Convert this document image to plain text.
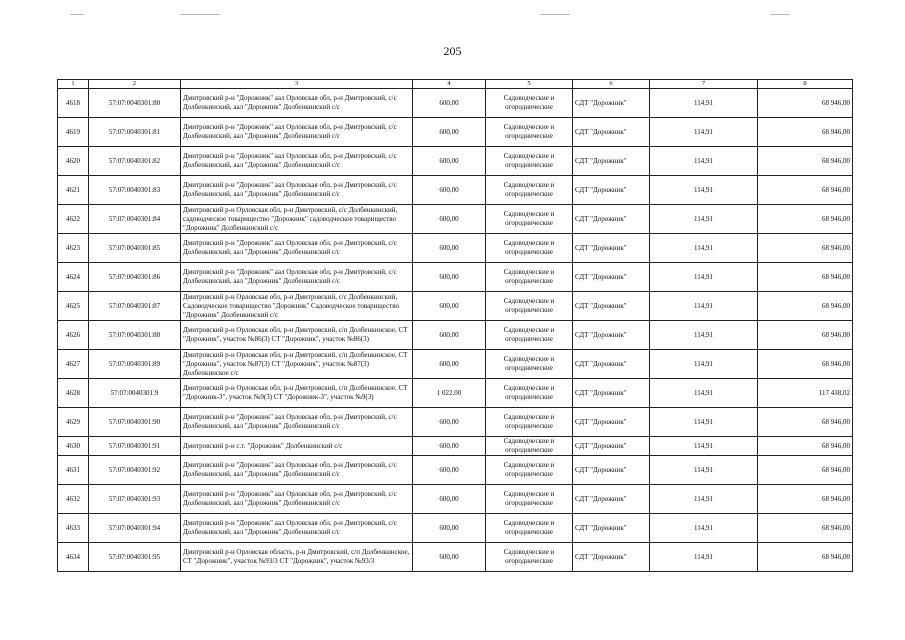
205
1	2	3	4	5	6	7	8
4618	57:07:0040301:80	Дмитровский р-н "Дорожник" аал Орловская обл, р-н Дмитровский, с/с Долбенкинский, аал "Дорожник" Долбенкинский с/с	600,00	Садоводческие и огороднические	СДТ "Дорожник"	114,91	68 946,00
4619	57:07:0040301:81	Дмитровский р-н "Дорожник" аал Орловская обл, р-н Дмитровский, с/с Долбенкинский, аал "Дорожник" Долбенкинский с/с	600,00	Садоводческие и огороднические	СДТ "Дорожник"	114,91	68 946,00
4620	57:07:0040301:82	Дмитровский р-н "Дорожник" аал Орловская обл, р-н Дмитровский, с/с Долбенкинский, аал "Дорожник" Долбенкинский с/с	600,00	Садоводческие и огороднические	СДТ "Дорожник"	114,91	68 946,00
4621	57:07:0040301:83	Дмитровский р-н "Дорожник" аал Орловская обл, р-н Дмитровский, с/с Долбенкинский, аал "Дорожник" Долбенкинский с/с	600,00	Садоводческие и огороднические	СДТ "Дорожник"	114,91	68 946,00
4622	57:07:0040301:84	Дмитровский р-н Орловская обл, р-н Дмитровский, с/с Долбенкинский, садоводческое товарищество "Дорожник" садоводческое товарищество "Дорожник" Долбенкинский с/с	600,00	Садоводческие и огороднические	СДТ "Дорожник"	114,91	68 946,00
4623	57:07:0040301:85	Дмитровский р-н "Дорожник" аал Орловская обл, р-н Дмитровский, с/с Долбенкинский, аал "Дорожник" Долбенкинский с/с	600,00	Садоводческие и огороднические	СДТ "Дорожник"	114,91	68 946,00
4624	57:07:0040301:86	Дмитровский р-н "Дорожник" аал Орловская обл, р-н Дмитровский, с/с Долбенкинский, аал "Дорожник" Долбенкинский с/с	600,00	Садоводческие и огороднические	СДТ "Дорожник"	114,91	68 946,00
4625	57:07:0040301:87	Дмитровский р-н Орловская обл, р-н Дмитровский, с/с Долбенкинский, Садоводческое товарищество "Дорожник" Садоводческое товарищество "Дорожник" Долбенкинский с/с	600,00	Садоводческие и огороднические	СДТ "Дорожник"	114,91	68 946,00
4626	57:07:0040301:88	Дмитровский р-н Орловская обл, р-н Дмитровский, с/п Долбенкинское, СТ "Дорожник", участок №86(3) СТ "Дорожник", участок №86(3)	600,00	Садоводческие и огороднические	СДТ "Дорожник"	114,91	68 946,00
4627	57:07:0040301:89	Дмитровский р-н Орловская обл, р-н Дмитровский, с/п Долбенкинское, СТ "Дорожник", участок №87(3) СТ "Дорожник", участок №87(3) Долбенкинское с/с	600,00	Садоводческие и огороднические	СДТ "Дорожник"	114,91	68 946,00
4628	57:07:0040301:9	Дмитровский р-н Орловская обл, р-н Дмитровский, с/п Долбенкинское, СТ "Дорожник-3", участок №9(3) СТ "Дорожник-3", участок №9(3)	1 022,00	Садоводческие и огороднические	СДТ "Дорожник"	114,91	117 438,02
4629	57:07:0040301:90	Дмитровский р-н "Дорожник" аал Орловская обл, р-н Дмитровский, с/с Долбенкинский, аал "Дорожник" Долбенкинский с/с	600,00	Садоводческие и огороднические	СДТ "Дорожник"	114,91	68 946,00
4630	57:07:0040301:91	Дмитровский р-н с.т. "Дорожник" Долбенкинский с/с	600,00	Садоводческие и огороднические	СДТ "Дорожник"	114,91	68 946,00
4631	57:07:0040301:92	Дмитровский р-н "Дорожник" аал Орловская обл, р-н Дмитровский, с/с Долбенкинский, аал "Дорожник" Долбенкинский с/с	600,00	Садоводческие и огороднические	СДТ "Дорожник"	114,91	68 946,00
4632	57:07:0040301:93	Дмитровский р-н "Дорожник" аал Орловская обл, р-н Дмитровский, с/с Долбенкинский, аал "Дорожник" Долбенкинский с/с	600,00	Садоводческие и огороднические	СДТ "Дорожник"	114,91	68 946,00
4633	57:07:0040301:94	Дмитровский р-н "Дорожник" аал Орловская обл, р-н Дмитровский, с/с Долбенкинский, аал "Дорожник" Долбенкинский с/с	600,00	Садоводческие и огороднические	СДТ "Дорожник"	114,91	68 946,00
4634	57:07:0040301:95	Дмитровский р-н Орловская область, р-н Дмитровский, с/п Долбенкинское, СТ "Дорожник", участок №93/3 СТ "Дорожник", участок №93/3	600,00	Садоводческие и огороднические	СДТ "Дорожник"	114,91	68 946,00
